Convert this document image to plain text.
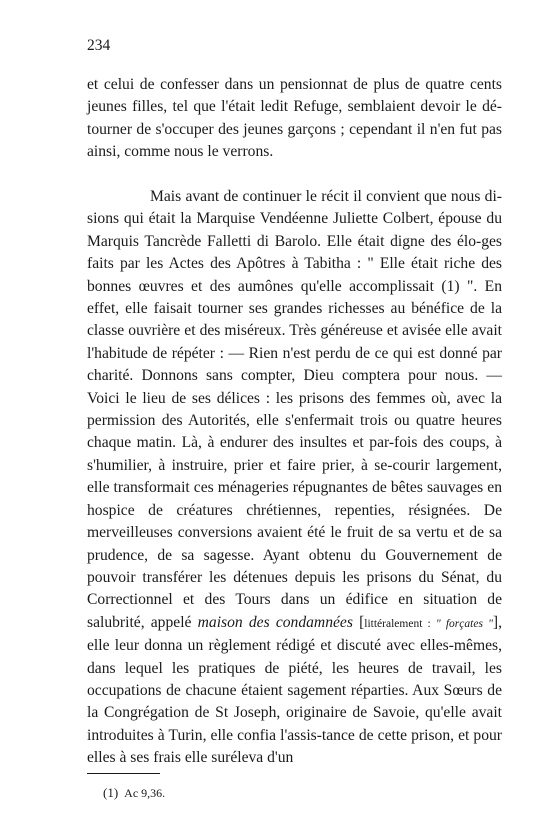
234

et celui de confesser dans un pensionnat de plus de quatre cents jeunes filles, tel que l'était ledit Refuge, semblaient devoir le dé-tourner de s'occuper des jeunes garçons ; cependant il n'en fut pas ainsi, comme nous le verrons.

Mais avant de continuer le récit il convient que nous di-sions qui était la Marquise Vendéenne Juliette Colbert, épouse du Marquis Tancrède Falletti di Barolo. Elle était digne des élo-ges faits par les Actes des Apôtres à Tabitha : " Elle était riche des bonnes œuvres et des aumônes qu'elle accomplissait (1) ". En effet, elle faisait tourner ses grandes richesses au bénéfice de la classe ouvrière et des miséreux. Très généreuse et avisée elle avait l'habitude de répéter : — Rien n'est perdu de ce qui est donné par charité. Donnons sans compter, Dieu comptera pour nous. — Voici le lieu de ses délices : les prisons des femmes où, avec la permission des Autorités, elle s'enfermait trois ou quatre heures chaque matin. Là, à endurer des insultes et par-fois des coups, à s'humilier, à instruire, prier et faire prier, à se-courir largement, elle transformait ces ménageries répugnantes de bêtes sauvages en hospice de créatures chrétiennes, repenties, résignées. De merveilleuses conversions avaient été le fruit de sa vertu et de sa prudence, de sa sagesse. Ayant obtenu du Gouvernement de pouvoir transférer les détenues depuis les prisons du Sénat, du Correctionnel et des Tours dans un édifice en situation de salubrité, appelé maison des condamnées [littéralement : " forçates "], elle leur donna un règlement rédigé et discuté avec elles-mêmes, dans lequel les pratiques de piété, les heures de travail, les occupations de chacune étaient sagement réparties. Aux Sœurs de la Congrégation de St Joseph, originaire de Savoie, qu'elle avait introduites à Turin, elle confia l'assis-tance de cette prison, et pour elles à ses frais elle suréleva d'un

(1) Ac 9,36.
